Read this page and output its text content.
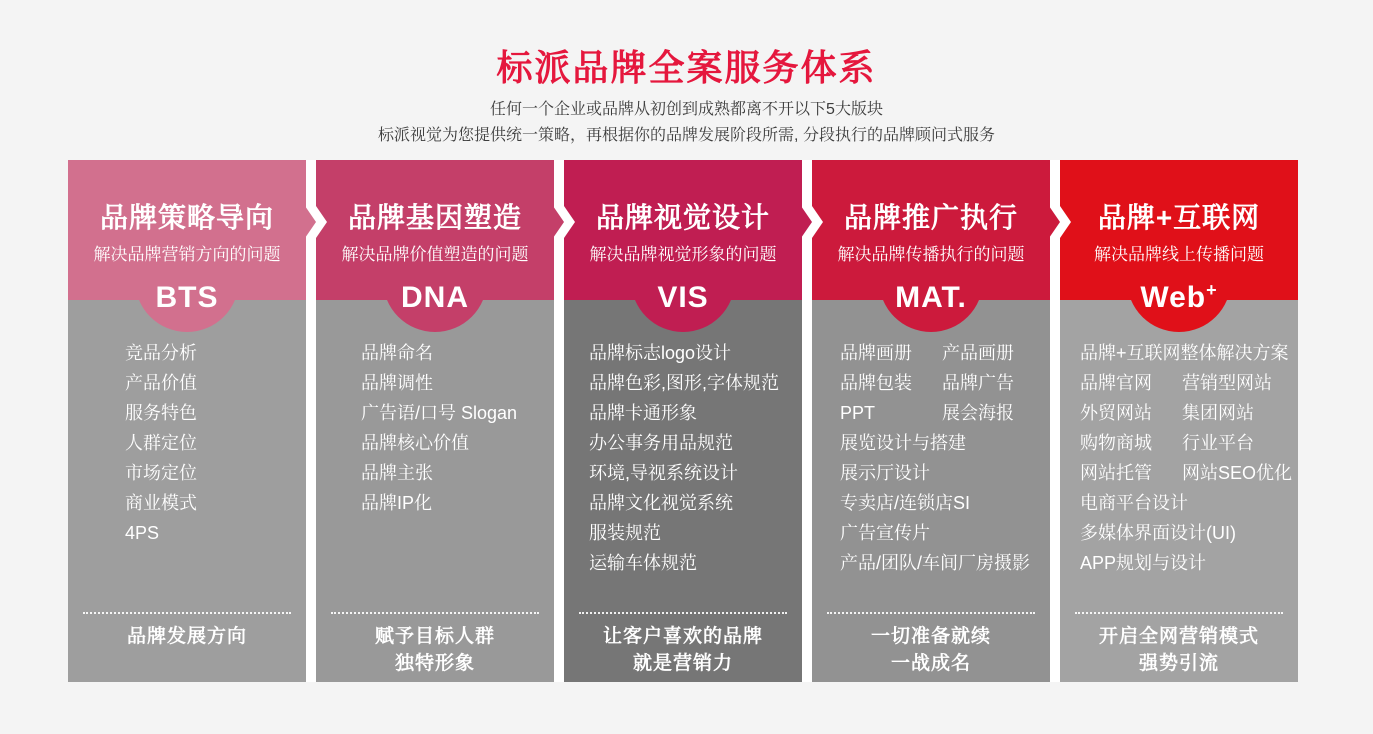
标派品牌全案服务体系
任何一个企业或品牌从初创到成熟都离不开以下5大版块
标派视觉为您提供统一策略，再根据你的品牌发展阶段所需, 分段执行的品牌顾问式服务
品牌策略导向
解决品牌营销方向的问题
BTS
竞品分析
产品价值
服务特色
人群定位
市场定位
商业模式
4PS
品牌发展方向
品牌基因塑造
解决品牌价值塑造的问题
DNA
品牌命名
品牌调性
广告语/口号 Slogan
品牌核心价值
品牌主张
品牌IP化
赋予目标人群
独特形象
品牌视觉设计
解决品牌视觉形象的问题
VIS
品牌标志logo设计
品牌色彩,图形,字体规范
品牌卡通形象
办公事务用品规范
环境,导视系统设计
品牌文化视觉系统
服装规范
运输车体规范
让客户喜欢的品牌
就是营销力
品牌推广执行
解决品牌传播执行的问题
MAT.
品牌画册 产品画册
品牌包装 品牌广告
PPT	展会海报
展览设计与搭建
展示厅设计
专卖店/连锁店SI
广告宣传片
产品/团队/车间厂房摄影
一切准备就续
一战成名
品牌+互联网
解决品牌线上传播问题
Web+
品牌+互联网整体解决方案
品牌官网 营销型网站
外贸网站 集团网站
购物商城 行业平台
网站托管 网站SEO优化
电商平台设计
多媒体界面设计(UI)
APP规划与设计
开启全网营销模式
强势引流
